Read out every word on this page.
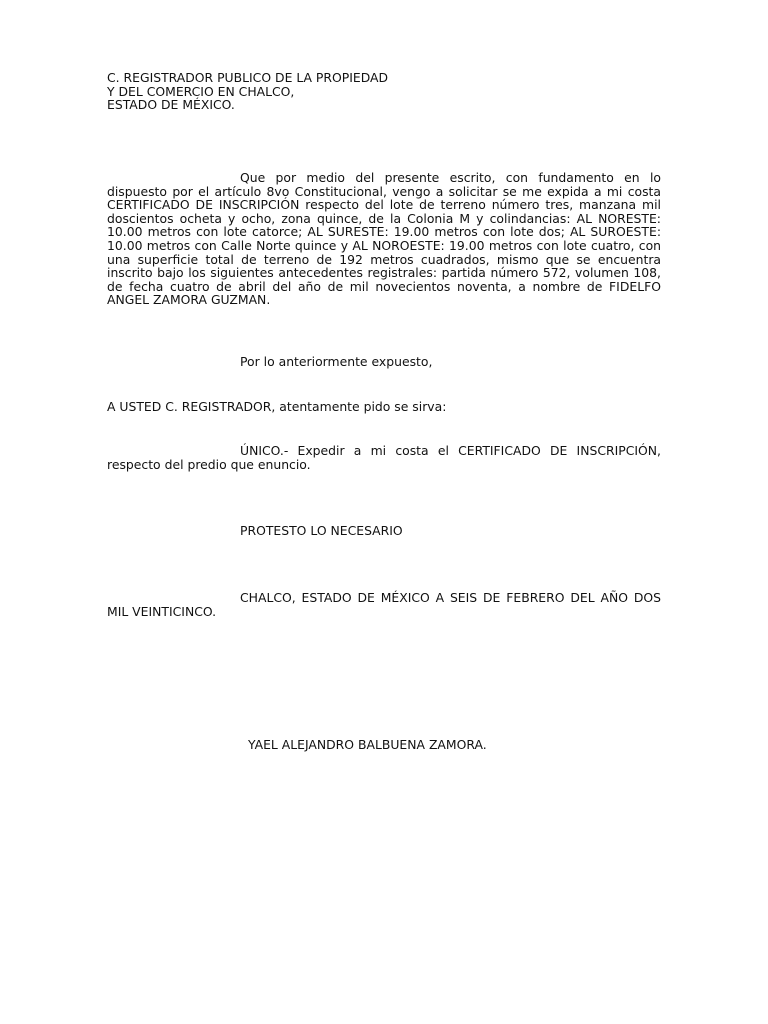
C. REGISTRADOR PUBLICO DE LA PROPIEDAD
Y DEL COMERCIO EN CHALCO,
ESTADO DE MÉXICO.

Que por medio del presente escrito, con fundamento en lo dispuesto por el artículo 8vo Constitucional, vengo a solicitar se me expida a mi costa CERTIFICADO DE INSCRIPCIÓN respecto del lote de terreno número tres, manzana mil doscientos ocheta y ocho, zona quince, de la Colonia M y colindancias: AL NORESTE: 10.00 metros con lote catorce; AL SURESTE: 19.00 metros con lote dos; AL SUROESTE: 10.00 metros con Calle Norte quince y AL NOROESTE: 19.00 metros con lote cuatro, con una superficie total de terreno de 192 metros cuadrados, mismo que se encuentra inscrito bajo los siguientes antecedentes registrales: partida número 572, volumen 108, de fecha cuatro de abril del año de mil novecientos noventa, a nombre de FIDELFO ANGEL ZAMORA GUZMAN.

Por lo anteriormente expuesto,

A USTED C. REGISTRADOR, atentamente pido se sirva:

ÚNICO.- Expedir a mi costa el CERTIFICADO DE INSCRIPCIÓN, respecto del predio que enuncio.

PROTESTO LO NECESARIO

CHALCO, ESTADO DE MÉXICO A SEIS DE FEBRERO DEL AÑO DOS MIL VEINTICINCO.

YAEL ALEJANDRO BALBUENA ZAMORA.
